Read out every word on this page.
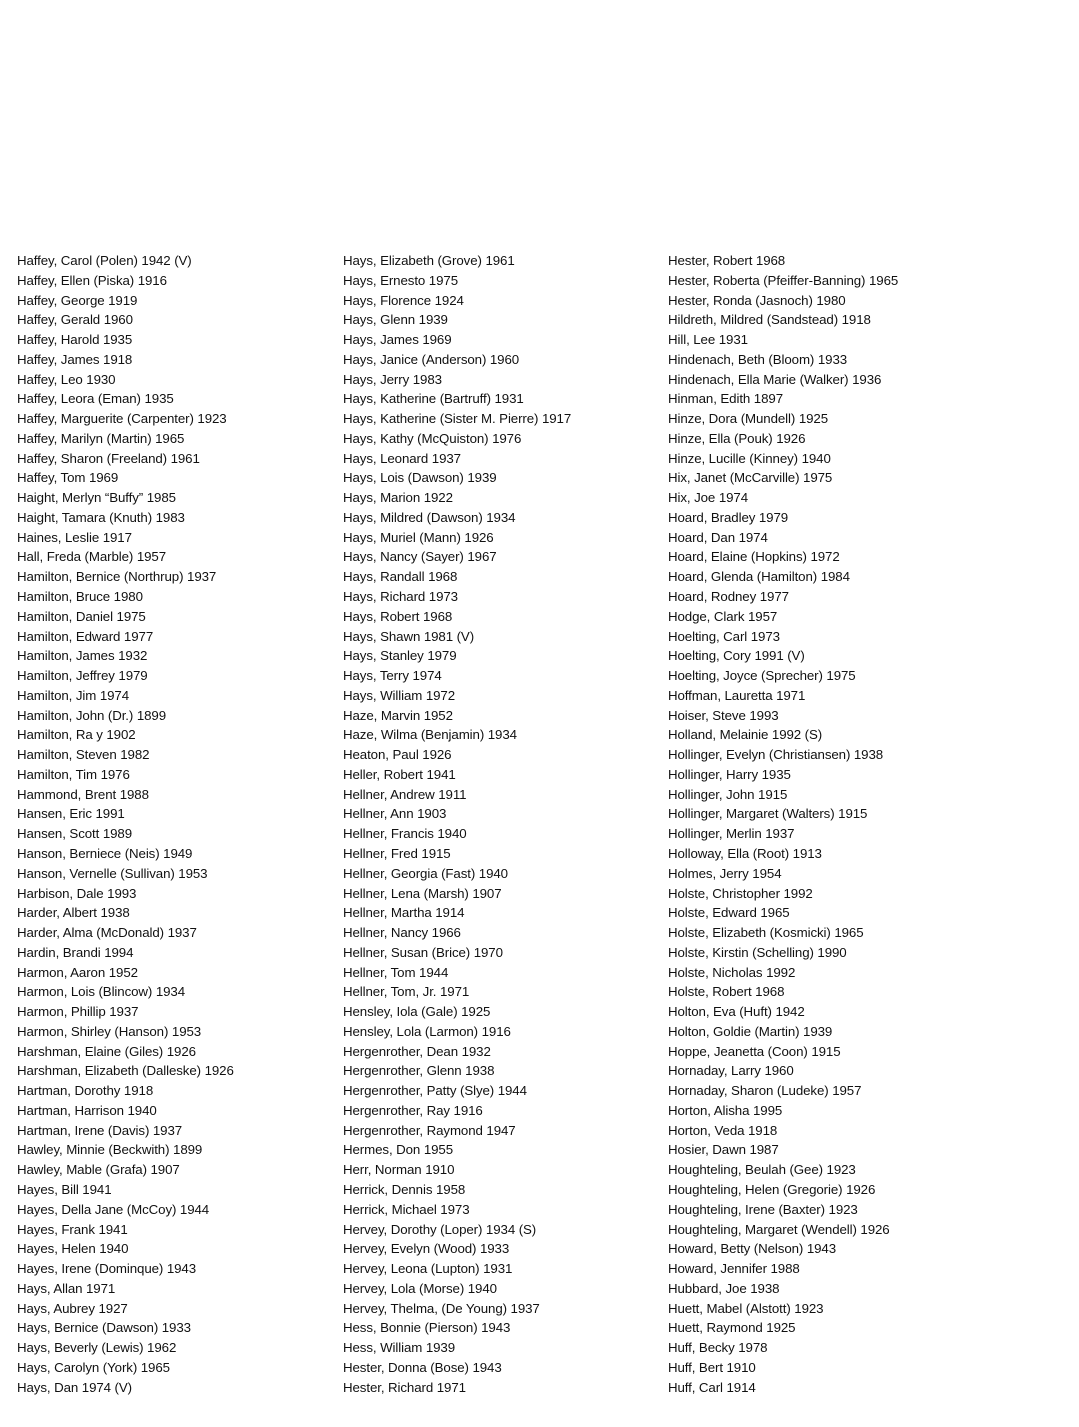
Haffey, Carol (Polen) 1942 (V)
Haffey, Ellen (Piska) 1916
Haffey, George 1919
Haffey, Gerald 1960
Haffey, Harold 1935
Haffey, James 1918
Haffey, Leo 1930
Haffey, Leora (Eman) 1935
Haffey, Marguerite (Carpenter) 1923
Haffey, Marilyn (Martin) 1965
Haffey, Sharon (Freeland) 1961
Haffey, Tom 1969
Haight, Merlyn “Buffy” 1985
Haight, Tamara (Knuth) 1983
Haines, Leslie 1917
Hall, Freda (Marble) 1957
Hamilton, Bernice (Northrup) 1937
Hamilton, Bruce 1980
Hamilton, Daniel 1975
Hamilton, Edward 1977
Hamilton, James 1932
Hamilton, Jeffrey 1979
Hamilton, Jim 1974
Hamilton, John (Dr.) 1899
Hamilton, Ra y 1902
Hamilton, Steven 1982
Hamilton, Tim 1976
Hammond, Brent 1988
Hansen, Eric 1991
Hansen, Scott 1989
Hanson, Berniece (Neis) 1949
Hanson, Vernelle (Sullivan) 1953
Harbison, Dale 1993
Harder, Albert 1938
Harder, Alma (McDonald) 1937
Hardin, Brandi 1994
Harmon, Aaron 1952
Harmon, Lois (Blincow) 1934
Harmon, Phillip 1937
Harmon, Shirley (Hanson) 1953
Harshman, Elaine (Giles) 1926
Harshman, Elizabeth (Dalleske) 1926
Hartman, Dorothy 1918
Hartman, Harrison 1940
Hartman, Irene (Davis) 1937
Hawley, Minnie (Beckwith) 1899
Hawley, Mable (Grafa) 1907
Hayes, Bill 1941
Hayes, Della Jane (McCoy) 1944
Hayes, Frank 1941
Hayes, Helen 1940
Hayes, Irene (Dominque) 1943
Hays, Allan 1971
Hays, Aubrey 1927
Hays, Bernice (Dawson) 1933
Hays, Beverly (Lewis) 1962
Hays, Carolyn (York) 1965
Hays, Dan 1974 (V)
Hays, Elizabeth (Grove) 1961
Hays, Ernesto 1975
Hays, Florence 1924
Hays, Glenn 1939
Hays, James 1969
Hays, Janice (Anderson) 1960
Hays, Jerry 1983
Hays, Katherine (Bartruff) 1931
Hays, Katherine (Sister M. Pierre) 1917
Hays, Kathy (McQuiston) 1976
Hays, Leonard 1937
Hays, Lois (Dawson) 1939
Hays, Marion 1922
Hays, Mildred (Dawson) 1934
Hays, Muriel (Mann) 1926
Hays, Nancy (Sayer) 1967
Hays, Randall 1968
Hays, Richard 1973
Hays, Robert 1968
Hays, Shawn 1981 (V)
Hays, Stanley 1979
Hays, Terry 1974
Hays, William 1972
Haze, Marvin 1952
Haze, Wilma (Benjamin) 1934
Heaton, Paul 1926
Heller, Robert 1941
Hellner, Andrew 1911
Hellner, Ann 1903
Hellner, Francis 1940
Hellner, Fred 1915
Hellner, Georgia (Fast) 1940
Hellner, Lena (Marsh) 1907
Hellner, Martha 1914
Hellner, Nancy 1966
Hellner, Susan (Brice) 1970
Hellner, Tom 1944
Hellner, Tom, Jr. 1971
Hensley, Iola (Gale) 1925
Hensley, Lola (Larmon) 1916
Hergenrother, Dean 1932
Hergenrother, Glenn 1938
Hergenrother, Patty (Slye) 1944
Hergenrother, Ray 1916
Hergenrother, Raymond 1947
Hermes, Don 1955
Herr, Norman 1910
Herrick, Dennis 1958
Herrick, Michael 1973
Hervey, Dorothy (Loper) 1934 (S)
Hervey, Evelyn (Wood) 1933
Hervey, Leona (Lupton) 1931
Hervey, Lola (Morse) 1940
Hervey, Thelma, (De Young) 1937
Hess, Bonnie (Pierson) 1943
Hess, William 1939
Hester, Donna (Bose) 1943
Hester, Richard 1971
Hester, Robert 1968
Hester, Roberta (Pfeiffer-Banning) 1965
Hester, Ronda (Jasnoch) 1980
Hildreth, Mildred (Sandstead) 1918
Hill, Lee 1931
Hindenach, Beth (Bloom) 1933
Hindenach, Ella Marie (Walker) 1936
Hinman, Edith 1897
Hinze, Dora (Mundell) 1925
Hinze, Ella (Pouk) 1926
Hinze, Lucille (Kinney) 1940
Hix, Janet (McCarville) 1975
Hix, Joe 1974
Hoard, Bradley 1979
Hoard, Dan 1974
Hoard, Elaine (Hopkins) 1972
Hoard, Glenda (Hamilton) 1984
Hoard, Rodney 1977
Hodge, Clark 1957
Hoelting, Carl 1973
Hoelting, Cory 1991 (V)
Hoelting, Joyce (Sprecher) 1975
Hoffman, Lauretta 1971
Hoiser, Steve 1993
Holland, Melainie 1992 (S)
Hollinger, Evelyn (Christiansen) 1938
Hollinger, Harry 1935
Hollinger, John 1915
Hollinger, Margaret (Walters) 1915
Hollinger, Merlin 1937
Holloway, Ella (Root) 1913
Holmes, Jerry 1954
Holste, Christopher 1992
Holste, Edward 1965
Holste, Elizabeth (Kosmicki) 1965
Holste, Kirstin (Schelling) 1990
Holste, Nicholas 1992
Holste, Robert 1968
Holton, Eva (Huft) 1942
Holton, Goldie (Martin) 1939
Hoppe, Jeanetta (Coon) 1915
Hornaday, Larry 1960
Hornaday, Sharon (Ludeke) 1957
Horton, Alisha 1995
Horton, Veda 1918
Hosier, Dawn 1987
Houghteling, Beulah (Gee) 1923
Houghteling, Helen (Gregorie) 1926
Houghteling, Irene (Baxter) 1923
Houghteling, Margaret (Wendell) 1926
Howard, Betty (Nelson) 1943
Howard, Jennifer 1988
Hubbard, Joe 1938
Huett, Mabel (Alstott) 1923
Huett, Raymond 1925
Huff, Becky 1978
Huff, Bert 1910
Huff, Carl 1914
